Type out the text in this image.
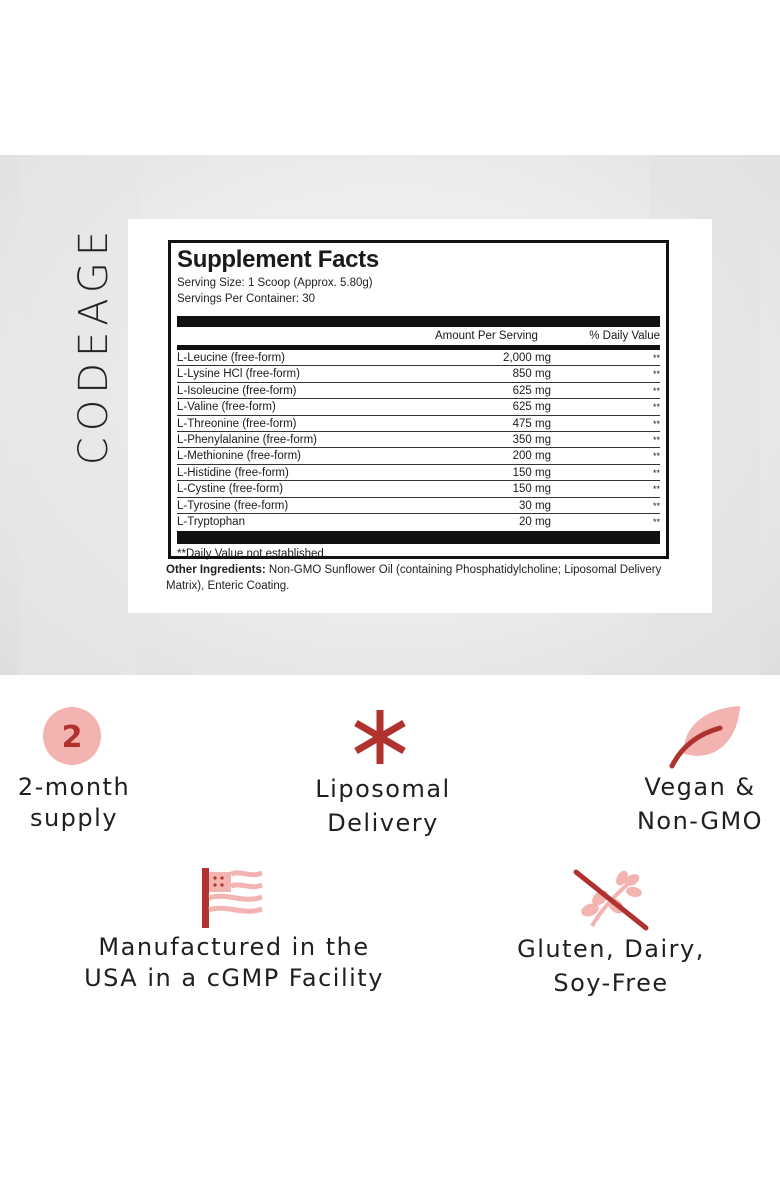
CODEAGE	Supplement Facts
Serving Size: 1 Scoop (Approx. 5.80g)
Servings Per Container: 30
Amount Per Serving	% Daily Value
L-Leucine (free-form)	2,000 mg	**
L-Lysine HCl (free-form)	850 mg	**
L-Isoleucine (free-form)	625 mg	**
L-Valine (free-form)	625 mg	**
L-Threonine (free-form)	475 mg	**
L-Phenylalanine (free-form)	350 mg	**
L-Methionine (free-form)	200 mg	**
L-Histidine (free-form)	150 mg	**
L-Cystine (free-form)	150 mg	**
L-Tyrosine (free-form)	30 mg	**
L-Tryptophan	20 mg	**
**Daily Value not established.
Other Ingredients: Non-GMO Sunflower Oil (containing Phosphatidylcholine; Liposomal Delivery Matrix), Enteric Coating.
2
2-month
supply
Liposomal
Delivery
Vegan &
Non-GMO
Manufactured in the
USA in a cGMP Facility
Gluten, Dairy,
Soy-Free
